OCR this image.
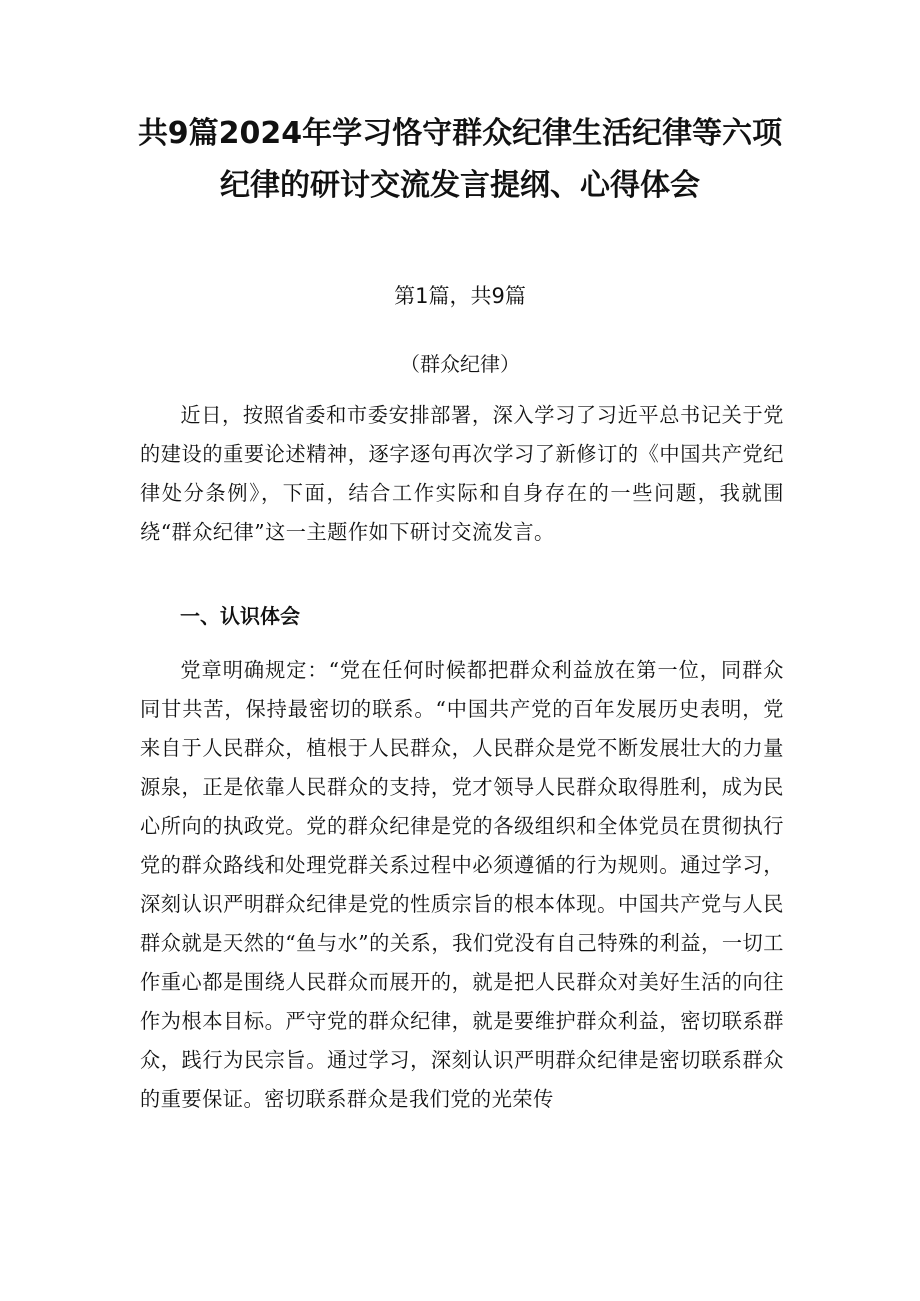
共9篇2024年学习恪守群众纪律生活纪律等六项
纪律的研讨交流发言提纲、心得体会

第1篇，共9篇

（群众纪律）

近日，按照省委和市委安排部署，深入学习了习近平总书记关于党的建设的重要论述精神，逐字逐句再次学习了新修订的《中国共产党纪律处分条例》，下面，结合工作实际和自身存在的一些问题，我就围绕“群众纪律”这一主题作如下研讨交流发言。

一、认识体会

党章明确规定：“党在任何时候都把群众利益放在第一位，同群众同甘共苦，保持最密切的联系。“中国共产党的百年发展历史表明，党来自于人民群众，植根于人民群众，人民群众是党不断发展壮大的力量源泉，正是依靠人民群众的支持，党才领导人民群众取得胜利，成为民心所向的执政党。党的群众纪律是党的各级组织和全体党员在贯彻执行党的群众路线和处理党群关系过程中必须遵循的行为规则。通过学习，深刻认识严明群众纪律是党的性质宗旨的根本体现。中国共产党与人民群众就是天然的“鱼与水”的关系，我们党没有自己特殊的利益，一切工作重心都是围绕人民群众而展开的，就是把人民群众对美好生活的向往作为根本目标。严守党的群众纪律，就是要维护群众利益，密切联系群众，践行为民宗旨。通过学习，深刻认识严明群众纪律是密切联系群众的重要保证。密切联系群众是我们党的光荣传
